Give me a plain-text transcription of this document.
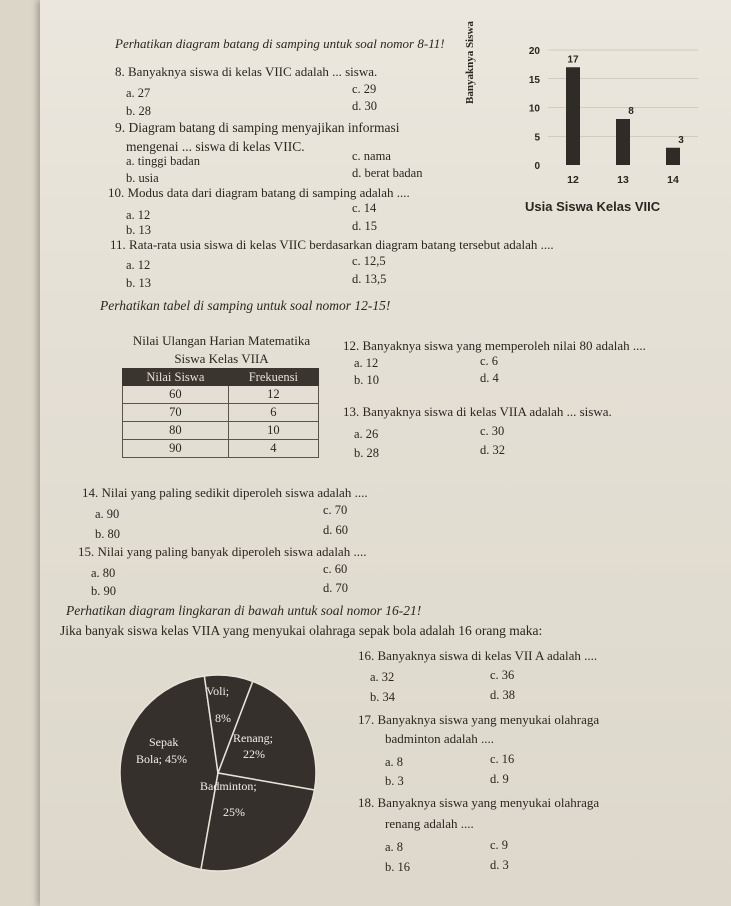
Perhatikan diagram batang di samping untuk soal nomor 8-11!
8. Banyaknya siswa di kelas VIIC adalah ... siswa.
a. 27
b. 28
c. 29
d. 30
9. Diagram batang di samping menyajikan informasi
mengenai ... siswa di kelas VIIC.
a. tinggi badan
b. usia
c. nama
d. berat badan
10. Modus data dari diagram batang di samping adalah ....
a. 12
b. 13
c. 14
d. 15
11. Rata-rata usia siswa di kelas VIIC berdasarkan diagram batang tersebut adalah ....
a. 12
b. 13
c. 12,5
d. 13,5
0
5
10
15
20
17
12
8
13
3
14
Banyaknya Siswa
Usia Siswa Kelas VIIC
Perhatikan tabel di samping untuk soal nomor 12-15!
Nilai Ulangan Harian Matematika
Siswa Kelas VIIA
Nilai Siswa	Frekuensi
60	12
70	6
80	10
90	4
12. Banyaknya siswa yang memperoleh nilai 80 adalah ....
a. 12
b. 10
c. 6
d. 4
13. Banyaknya siswa di kelas VIIA adalah ... siswa.
a. 26
b. 28
c. 30
d. 32
14. Nilai yang paling sedikit diperoleh siswa adalah ....
a. 90
b. 80
c. 70
d. 60
15. Nilai yang paling banyak diperoleh siswa adalah ....
a. 80
b. 90
c. 60
d. 70
Perhatikan diagram lingkaran di bawah untuk soal nomor 16-21!
Jika banyak siswa kelas VIIA yang menyukai olahraga sepak bola adalah 16 orang maka:
Voli;
8%
Sepak
Bola; 45%
Renang;
22%
Badminton;
25%
16. Banyaknya siswa di kelas VII A adalah ....
a. 32
b. 34
c. 36
d. 38
17. Banyaknya siswa yang menyukai olahraga
badminton adalah ....
a. 8
b. 3
c. 16
d. 9
18. Banyaknya siswa yang menyukai olahraga
renang adalah ....
a. 8
b. 16
c. 9
d. 3
